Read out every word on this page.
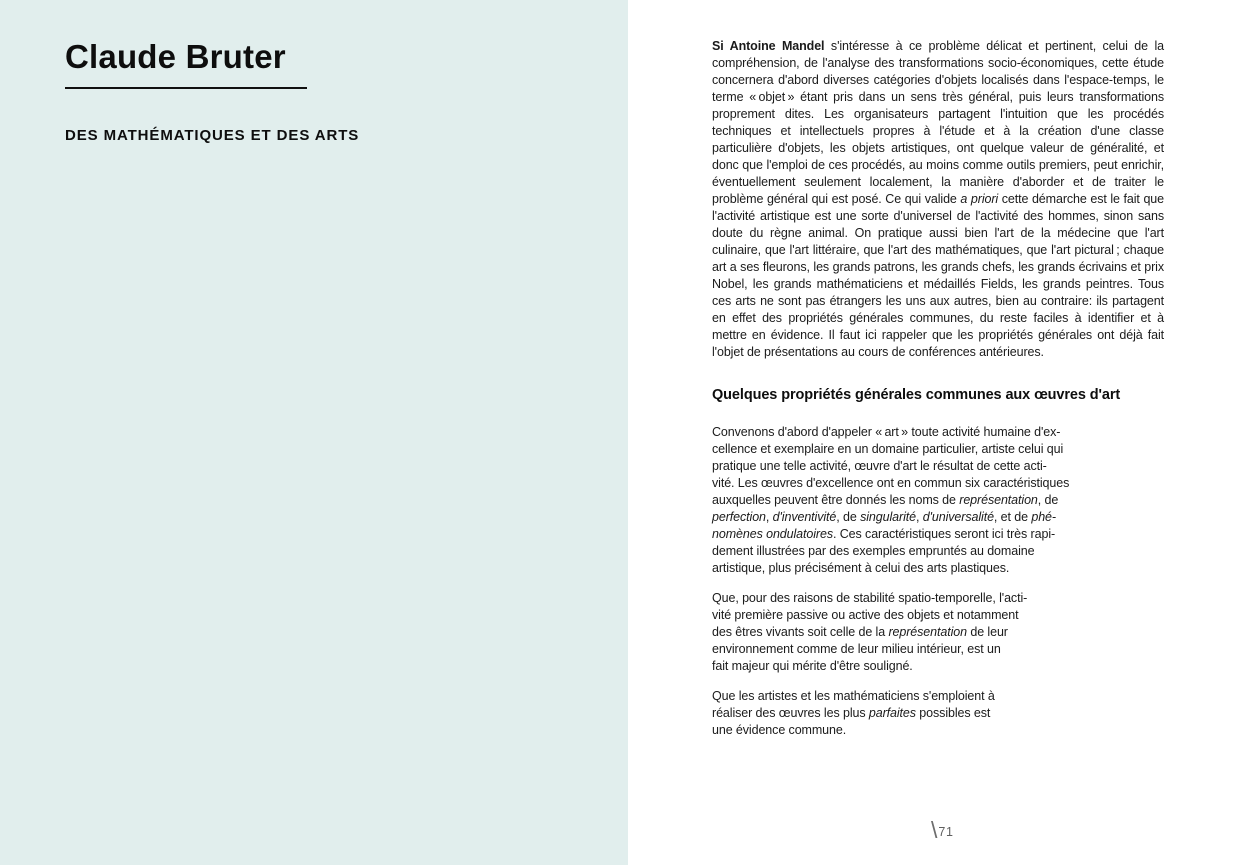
Claude Bruter
DES MATHÉMATIQUES ET DES ARTS

Si Antoine Mandel s'intéresse à ce problème délicat et pertinent, celui de la compréhension, de l'analyse des transformations socio-économiques, cette étude concernera d'abord diverses catégories d'objets localisés dans l'espace-temps, le terme « objet » étant pris dans un sens très général, puis leurs transformations proprement dites. Les organisateurs partagent l'intuition que les procédés techniques et intellectuels propres à l'étude et à la création d'une classe particulière d'objets, les objets artistiques, ont quelque valeur de généralité, et donc que l'emploi de ces procédés, au moins comme outils premiers, peut enrichir, éventuellement seulement localement, la manière d'aborder et de traiter le problème général qui est posé. Ce qui valide a priori cette démarche est le fait que l'activité artistique est une sorte d'universel de l'activité des hommes, sinon sans doute du règne animal. On pratique aussi bien l'art de la médecine que l'art culinaire, que l'art littéraire, que l'art des mathématiques, que l'art pictural ; chaque art a ses fleurons, les grands patrons, les grands chefs, les grands écrivains et prix Nobel, les grands mathématiciens et médaillés Fields, les grands peintres. Tous ces arts ne sont pas étrangers les uns aux autres, bien au contraire: ils partagent en effet des propriétés générales communes, du reste faciles à identifier et à mettre en évidence. Il faut ici rappeler que les propriétés générales ont déjà fait l'objet de présentations au cours de conférences antérieures.

Quelques propriétés générales communes aux œuvres d'art
Convenons d'abord d'appeler « art » toute activité humaine d'ex-
cellence et exemplaire en un domaine particulier, artiste celui qui
pratique une telle activité, œuvre d'art le résultat de cette acti-
vité. Les œuvres d'excellence ont en commun six caractéristiques
auxquelles peuvent être donnés les noms de représentation, de
perfection, d'inventivité, de singularité, d'universalité, et de phé-
nomènes ondulatoires. Ces caractéristiques seront ici très rapi-
dement illustrées par des exemples empruntés au domaine
artistique, plus précisément à celui des arts plastiques.
Que, pour des raisons de stabilité spatio-temporelle, l'acti-
vité première passive ou active des objets et notamment
des êtres vivants soit celle de la représentation de leur
environnement comme de leur milieu intérieur, est un
fait majeur qui mérite d'être souligné.
Que les artistes et les mathématiciens s'emploient à
réaliser des œuvres les plus parfaites possibles est
une évidence commune.
\ 71
